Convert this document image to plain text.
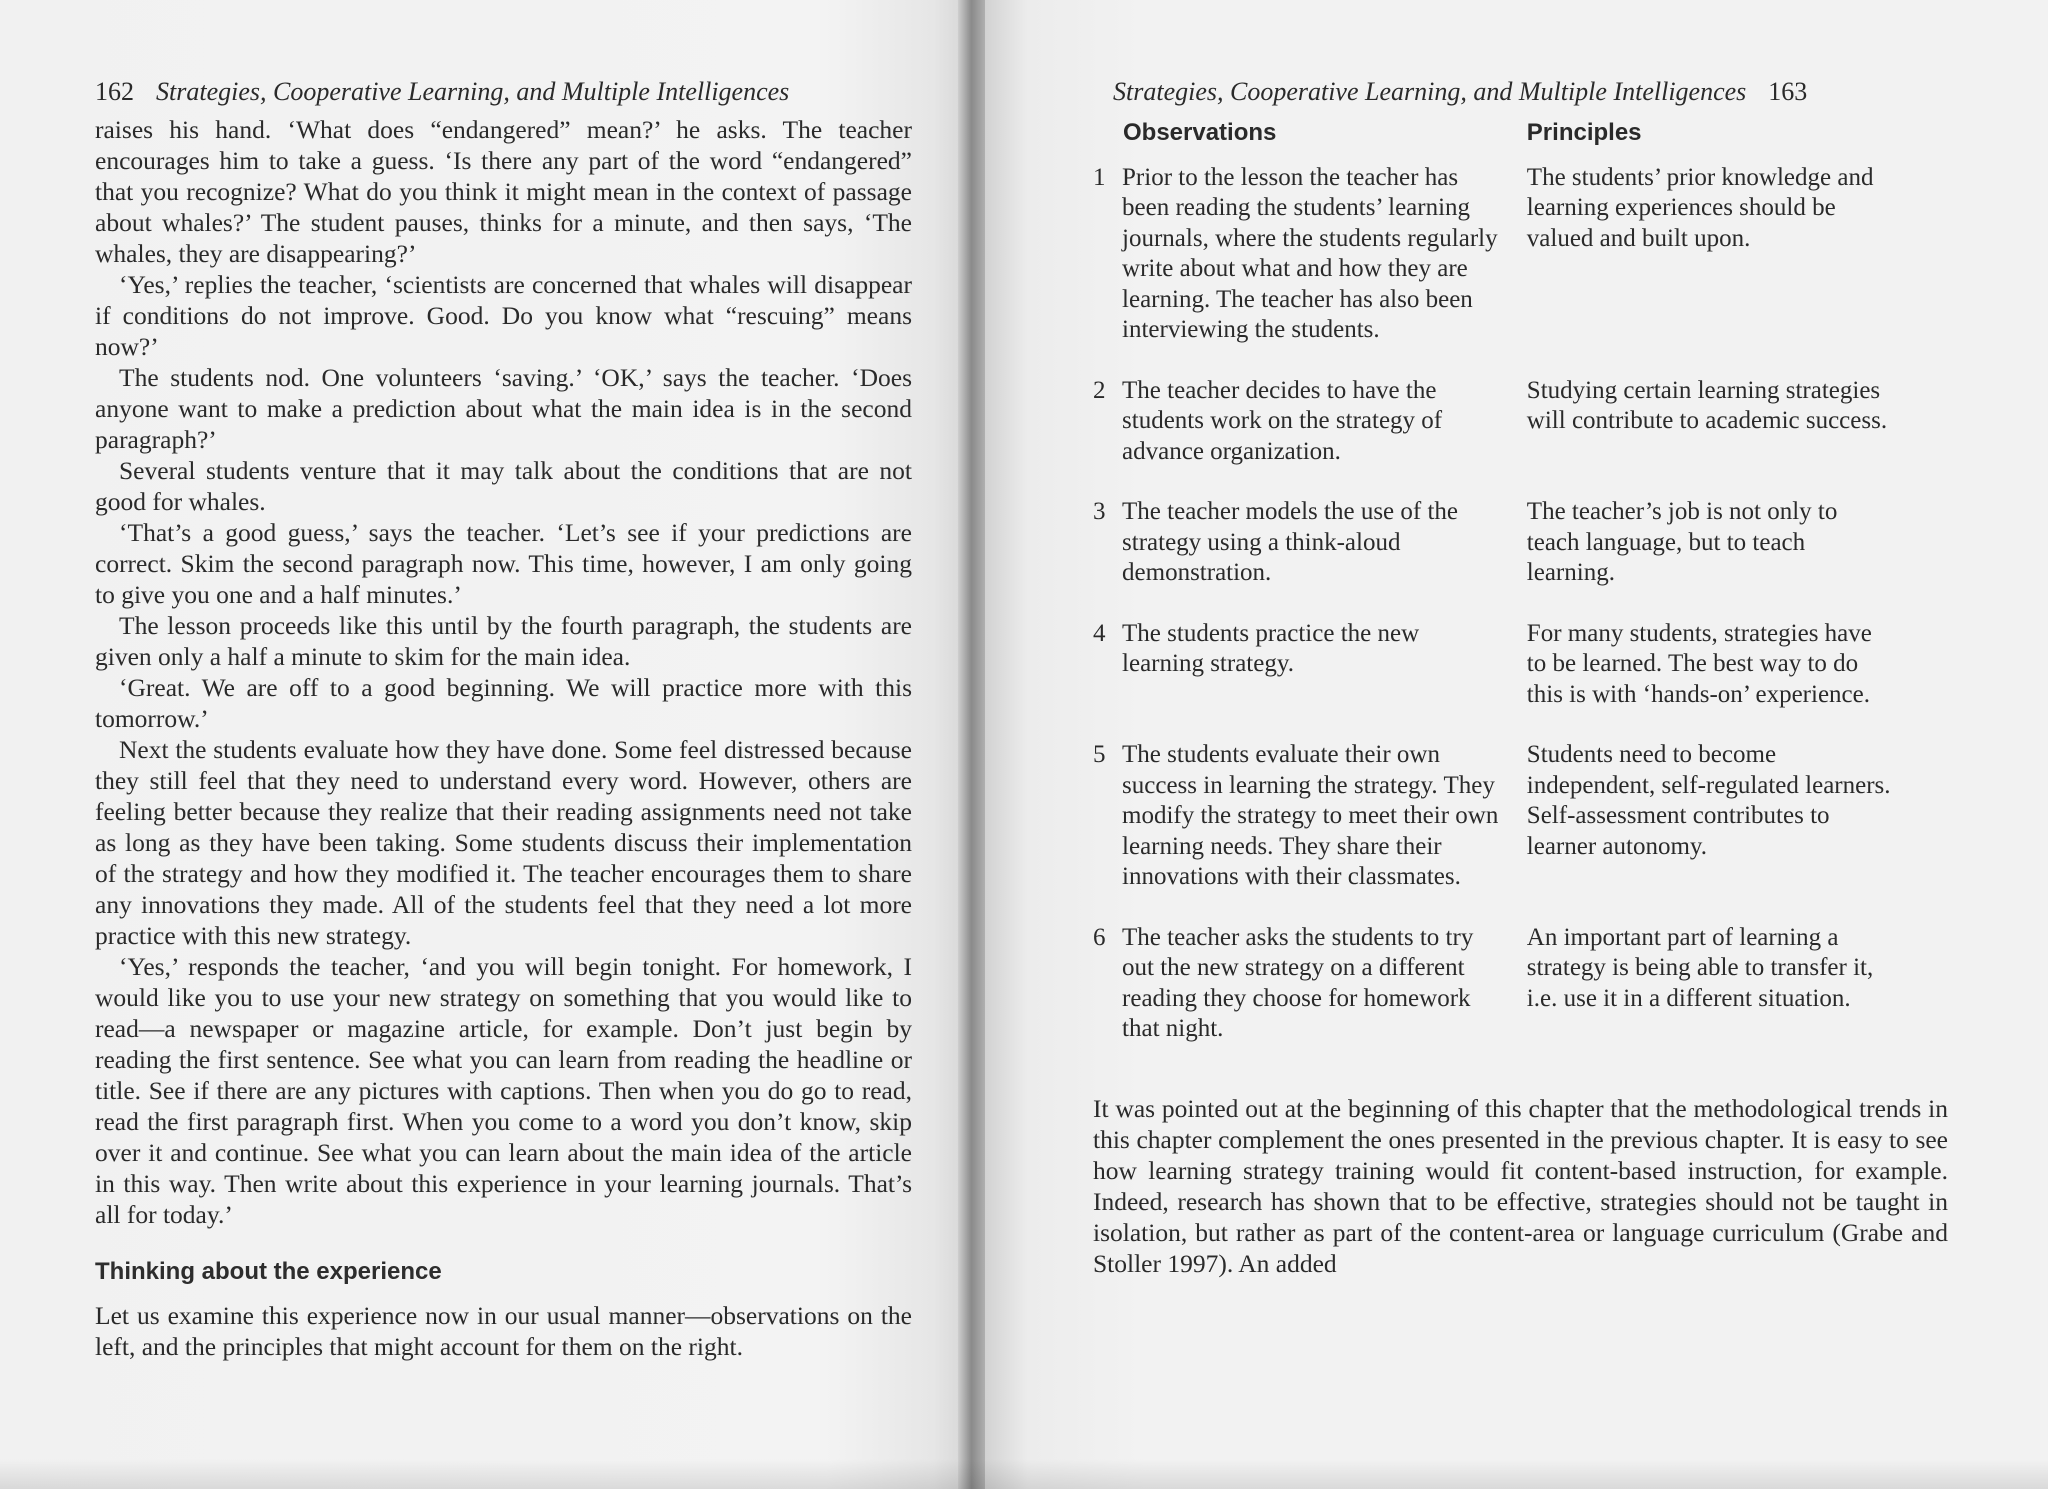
162 Strategies, Cooperative Learning, and Multiple Intelligences

raises his hand. ‘What does “endangered” mean?’ he asks. The teacher encourages him to take a guess. ‘Is there any part of the word “endangered” that you recognize? What do you think it might mean in the context of passage about whales?’ The student pauses, thinks for a minute, and then says, ‘The whales, they are disappearing?’

‘Yes,’ replies the teacher, ‘scientists are concerned that whales will disappear if conditions do not improve. Good. Do you know what “rescuing” means now?’

The students nod. One volunteers ‘saving.’ ‘OK,’ says the teacher. ‘Does anyone want to make a prediction about what the main idea is in the second paragraph?’

Several students venture that it may talk about the conditions that are not good for whales.

‘That’s a good guess,’ says the teacher. ‘Let’s see if your predictions are correct. Skim the second paragraph now. This time, however, I am only going to give you one and a half minutes.’

The lesson proceeds like this until by the fourth paragraph, the students are given only a half a minute to skim for the main idea.

‘Great. We are off to a good beginning. We will practice more with this tomorrow.’

Next the students evaluate how they have done. Some feel distressed because they still feel that they need to understand every word. However, others are feeling better because they realize that their reading assignments need not take as long as they have been taking. Some students discuss their implementation of the strategy and how they modified it. The teacher encourages them to share any innovations they made. All of the students feel that they need a lot more practice with this new strategy.

‘Yes,’ responds the teacher, ‘and you will begin tonight. For homework, I would like you to use your new strategy on something that you would like to read—a newspaper or magazine article, for example. Don’t just begin by reading the first sentence. See what you can learn from reading the headline or title. See if there are any pictures with captions. Then when you do go to read, read the first paragraph first. When you come to a word you don’t know, skip over it and continue. See what you can learn about the main idea of the article in this way. Then write about this experience in your learning journals. That’s all for today.’

Thinking about the experience

Let us examine this experience now in our usual manner—observations on the left, and the principles that might account for them on the right.

Strategies, Cooperative Learning, and Multiple Intelligences 163
Observations		Principles
1	Prior to the lesson the teacher has been reading the students’ learning journals, where the students regularly write about what and how they are learning. The teacher has also been interviewing the students.	The students’ prior knowledge and learning experiences should be valued and built upon.
2	The teacher decides to have the students work on the strategy of advance organization.	Studying certain learning strategies will contribute to academic success.
3	The teacher models the use of the strategy using a think-aloud demonstration.	The teacher’s job is not only to teach language, but to teach learning.
4	The students practice the new learning strategy.	For many students, strategies have to be learned. The best way to do this is with ‘hands-on’ experience.
5	The students evaluate their own success in learning the strategy. They modify the strategy to meet their own learning needs. They share their innovations with their classmates.	Students need to become independent, self-regulated learners. Self-assessment contributes to learner autonomy.
6	The teacher asks the students to try out the new strategy on a different reading they choose for homework that night.	An important part of learning a strategy is being able to transfer it, i.e. use it in a different situation.

It was pointed out at the beginning of this chapter that the methodological trends in this chapter complement the ones presented in the previous chapter. It is easy to see how learning strategy training would fit content-based instruction, for example. Indeed, research has shown that to be effective, strategies should not be taught in isolation, but rather as part of the content-area or language curriculum (Grabe and Stoller 1997). An added
